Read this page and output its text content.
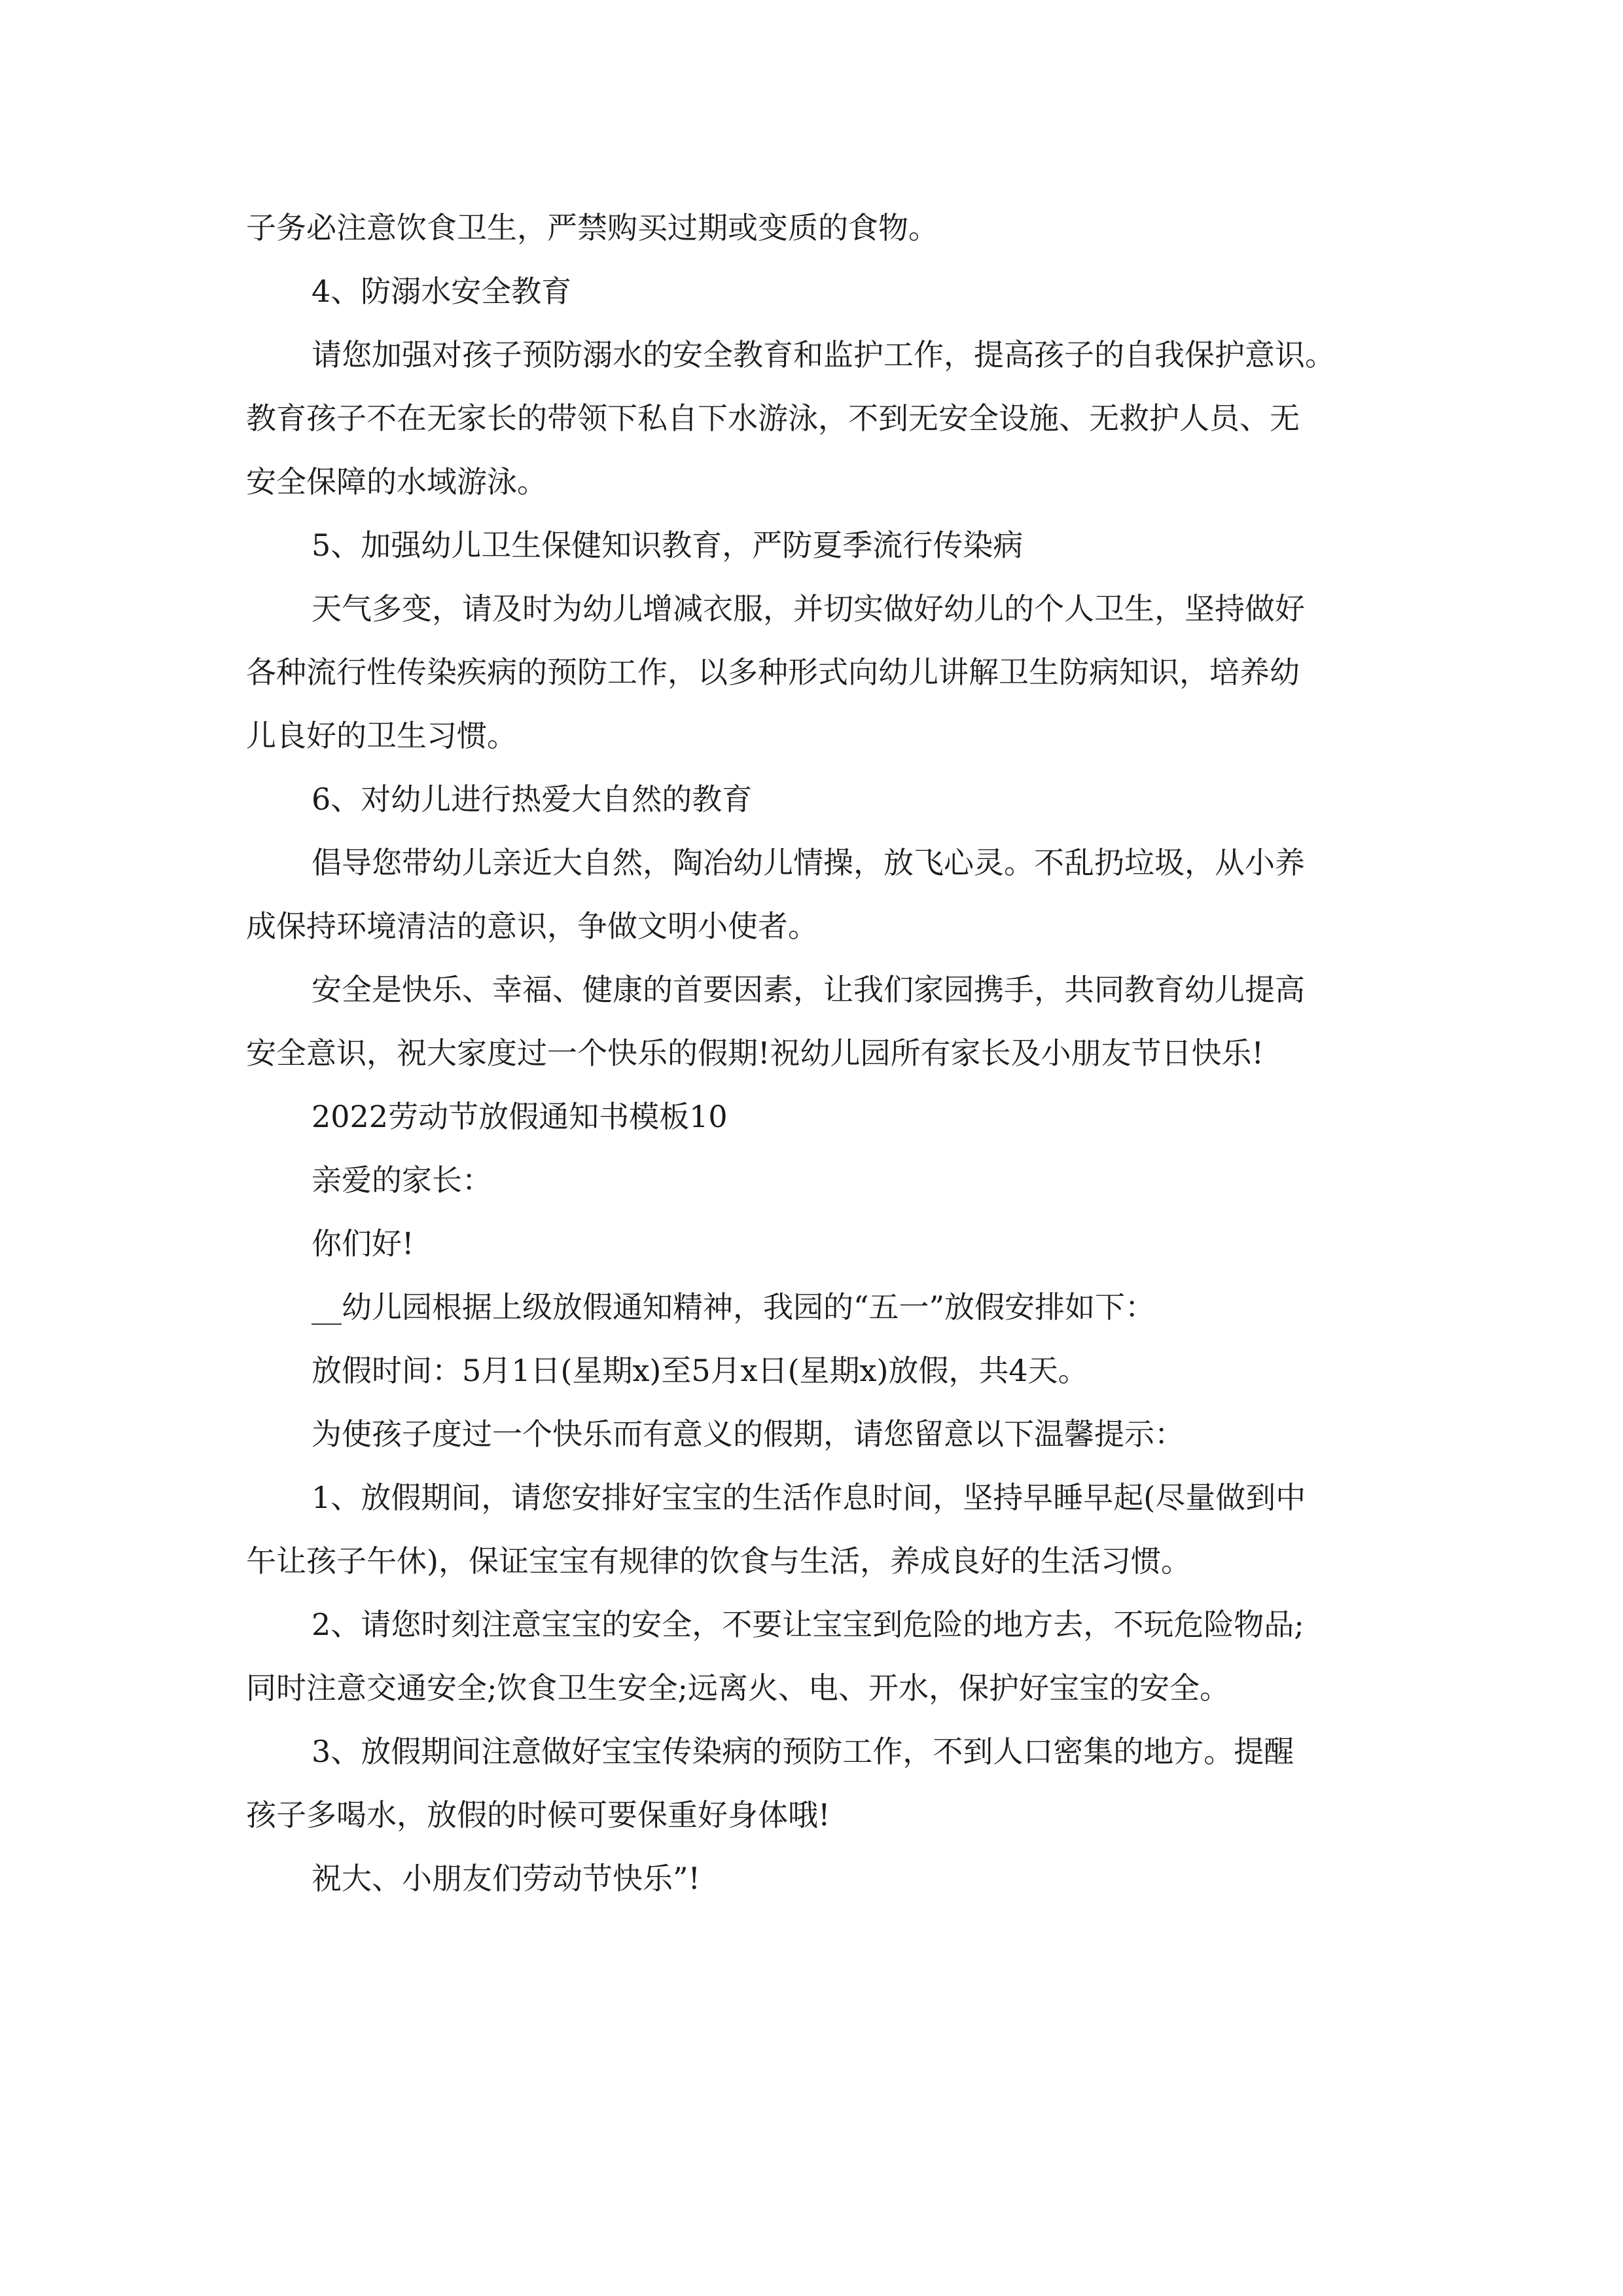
子务必注意饮食卫生，严禁购买过期或变质的食物。
4、防溺水安全教育
请您加强对孩子预防溺水的安全教育和监护工作，提高孩子的自我保护意识。
教育孩子不在无家长的带领下私自下水游泳，不到无安全设施、无救护人员、无
安全保障的水域游泳。
5、加强幼儿卫生保健知识教育，严防夏季流行传染病
天气多变，请及时为幼儿增减衣服，并切实做好幼儿的个人卫生，坚持做好
各种流行性传染疾病的预防工作，以多种形式向幼儿讲解卫生防病知识，培养幼
儿良好的卫生习惯。
6、对幼儿进行热爱大自然的教育
倡导您带幼儿亲近大自然，陶冶幼儿情操，放飞心灵。不乱扔垃圾，从小养
成保持环境清洁的意识，争做文明小使者。
安全是快乐、幸福、健康的首要因素，让我们家园携手，共同教育幼儿提高
安全意识，祝大家度过一个快乐的假期!祝幼儿园所有家长及小朋友节日快乐!
2022劳动节放假通知书模板10
亲爱的家长：
你们好!
__幼儿园根据上级放假通知精神，我园的“五一”放假安排如下：
放假时间：5月1日(星期x)至5月x日(星期x)放假，共4天。
为使孩子度过一个快乐而有意义的假期，请您留意以下温馨提示：
1、放假期间，请您安排好宝宝的生活作息时间，坚持早睡早起(尽量做到中
午让孩子午休)，保证宝宝有规律的饮食与生活，养成良好的生活习惯。
2、请您时刻注意宝宝的安全，不要让宝宝到危险的地方去，不玩危险物品;
同时注意交通安全;饮食卫生安全;远离火、电、开水，保护好宝宝的安全。
3、放假期间注意做好宝宝传染病的预防工作，不到人口密集的地方。提醒
孩子多喝水，放假的时候可要保重好身体哦!
祝大、小朋友们劳动节快乐”!
